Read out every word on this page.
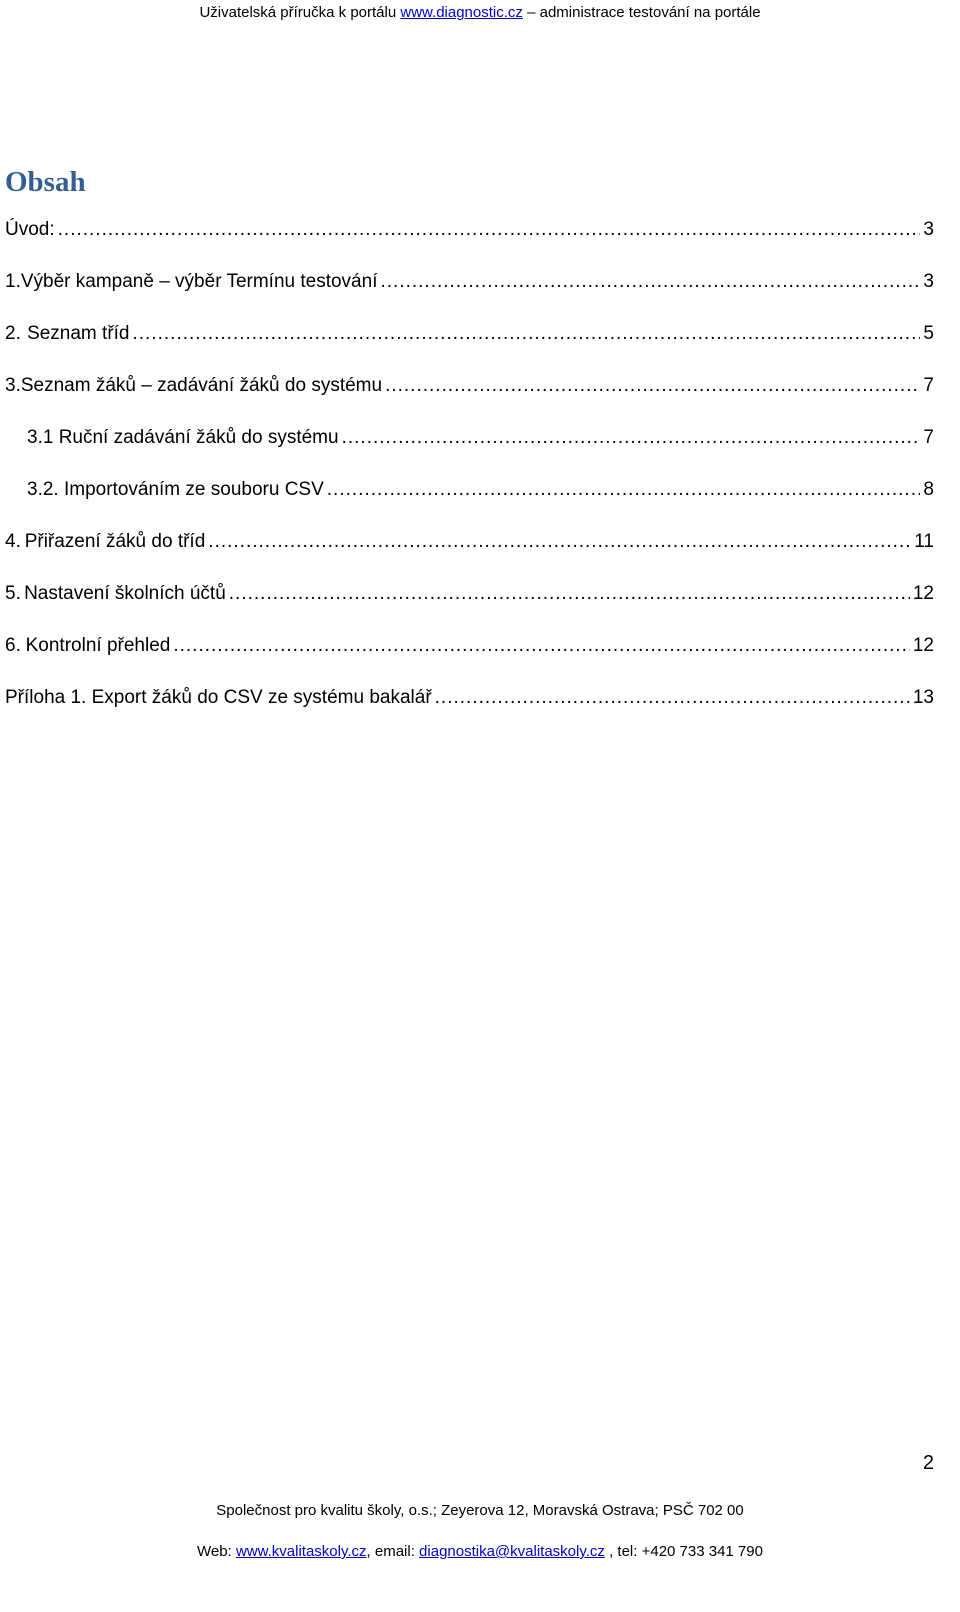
Uživatelská příručka k portálu www.diagnostic.cz – administrace testování na portále
Obsah
Úvod: .....	3
1. Výběr kampaně – výběr Termínu testování .....	3
2. Seznam tříd .....	5
3. Seznam žáků – zadávání žáků do systému .....	7
3.1
Ruční zadávání žáků do systému .....	7
3.2.
Importováním ze souboru CSV .....	8
4. Přiřazení žáků do tříd .....	11
5. Nastavení školních účtů .....	12
6. Kontrolní přehled .....	12
Příloha 1. Export žáků do CSV ze systému bakalář .....	13
2
Společnost pro kvalitu školy, o.s.; Zeyerova 12, Moravská Ostrava; PSČ 702 00
Web: www.kvalitaskoly.cz, email: diagnostika@kvalitaskoly.cz , tel: +420 733 341 790
